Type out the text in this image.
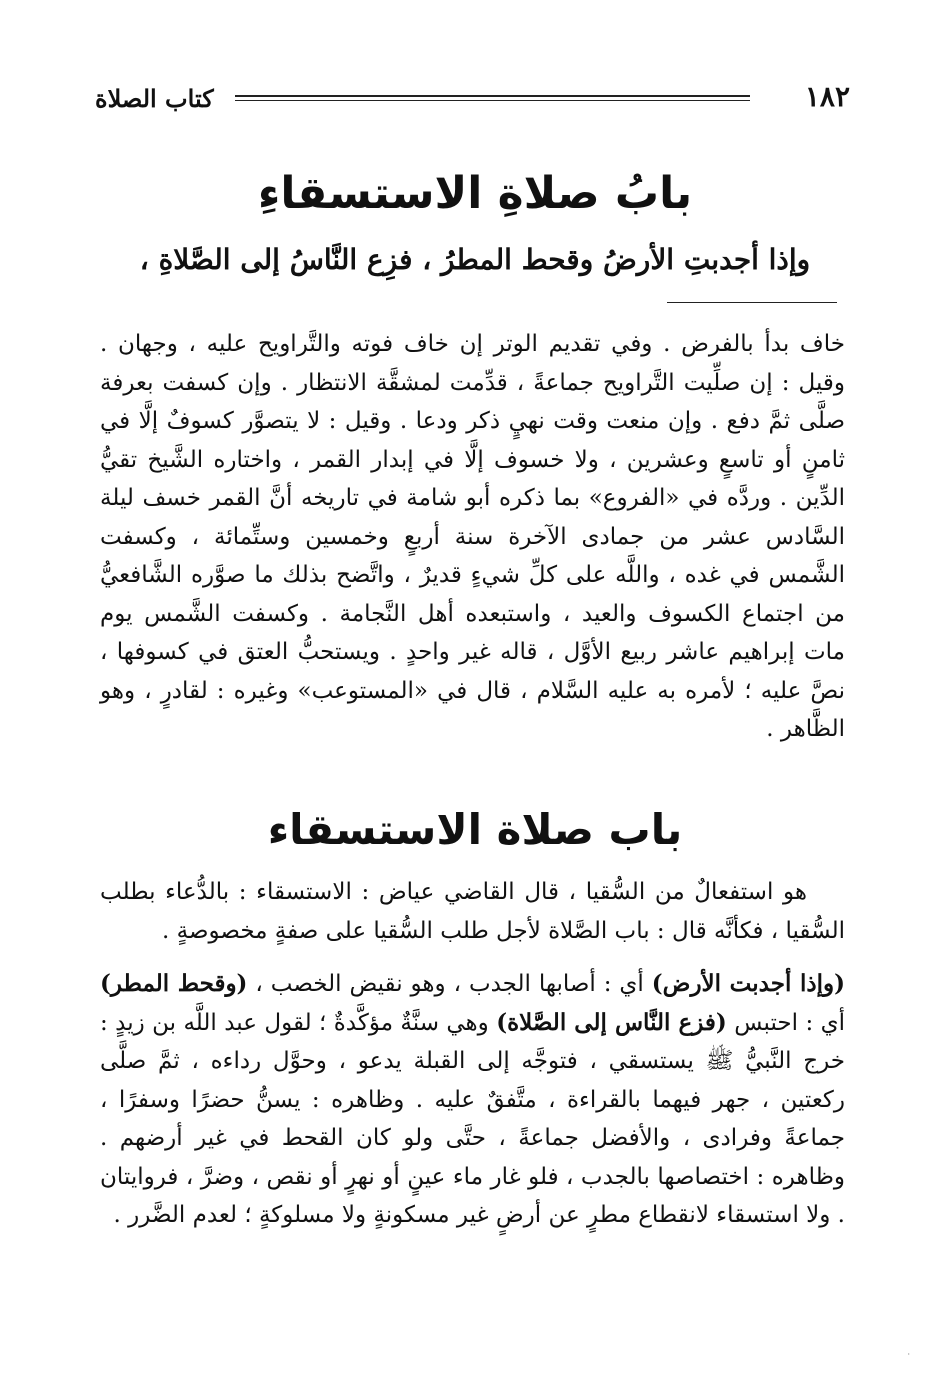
١٨٢
كتاب الصلاة
بابُ صلاةِ الاستسقاءِ
وإذا أجدبتِ الأرضُ وقحط المطرُ ، فزِع النَّاسُ إلى الصَّلاةِ ،
خاف بدأ بالفرض . وفي تقديم الوتر إن خاف فوته والتَّراويح عليه ، وجهان . وقيل : إن صلِّيت التَّراويح جماعةً ، قدِّمت لمشقَّة الانتظار . وإن كسفت بعرفة صلَّى ثمَّ دفع . وإن منعت وقت نهيٍ ذكر ودعا . وقيل : لا يتصوَّر كسوفٌ إلَّا في ثامنٍ أو تاسعٍ وعشرين ، ولا خسوف إلَّا في إبدار القمر ، واختاره الشَّيخ تقيُّ الدِّين . وردَّه في «الفروع» بما ذكره أبو شامة في تاريخه أنَّ القمر خسف ليلة السَّادس عشر من جمادى الآخرة سنة أربعٍ وخمسين وستِّمائة ، وكسفت الشَّمس في غده ، واللَّه على كلِّ شيءٍ قديرٌ ، واتَّضح بذلك ما صوَّره الشَّافعيُّ من اجتماع الكسوف والعيد ، واستبعده أهل النَّجامة . وكسفت الشَّمس يوم مات إبراهيم عاشر ربيع الأوَّل ، قاله غير واحدٍ . ويستحبُّ العتق في كسوفها ، نصَّ عليه ؛ لأمره به عليه السَّلام ، قال في «المستوعب» وغيره : لقادرٍ ، وهو الظَّاهر .
باب صلاة الاستسقاء
هو استفعالٌ من السُّقيا ، قال القاضي عياض : الاستسقاء : بالدُّعاء بطلب السُّقيا ، فكأنَّه قال : باب الصَّلاة لأجل طلب السُّقيا على صفةٍ مخصوصةٍ .
(وإذا أجدبت الأرض) أي : أصابها الجدب ، وهو نقيض الخصب ، (وقحط المطر) أي : احتبس (فزع النَّاس إلى الصَّلاة) وهي سنَّةٌ مؤكَّدةٌ ؛ لقول عبد اللَّه بن زيدٍ : خرج النَّبيُّ ﷺ يستسقي ، فتوجَّه إلى القبلة يدعو ، وحوَّل رداءه ، ثمَّ صلَّى ركعتين ، جهر فيهما بالقراءة ، متَّفقٌ عليه . وظاهره : يسنُّ حضرًا وسفرًا ، جماعةً وفرادى ، والأفضل جماعةً ، حتَّى ولو كان القحط في غير أرضهم . وظاهره : اختصاصها بالجدب ، فلو غار ماء عينٍ أو نهرٍ أو نقص ، وضرَّ ، فروايتان . ولا استسقاء لانقطاع مطرٍ عن أرضٍ غير مسكونةٍ ولا مسلوكةٍ ؛ لعدم الضَّرر .
·
